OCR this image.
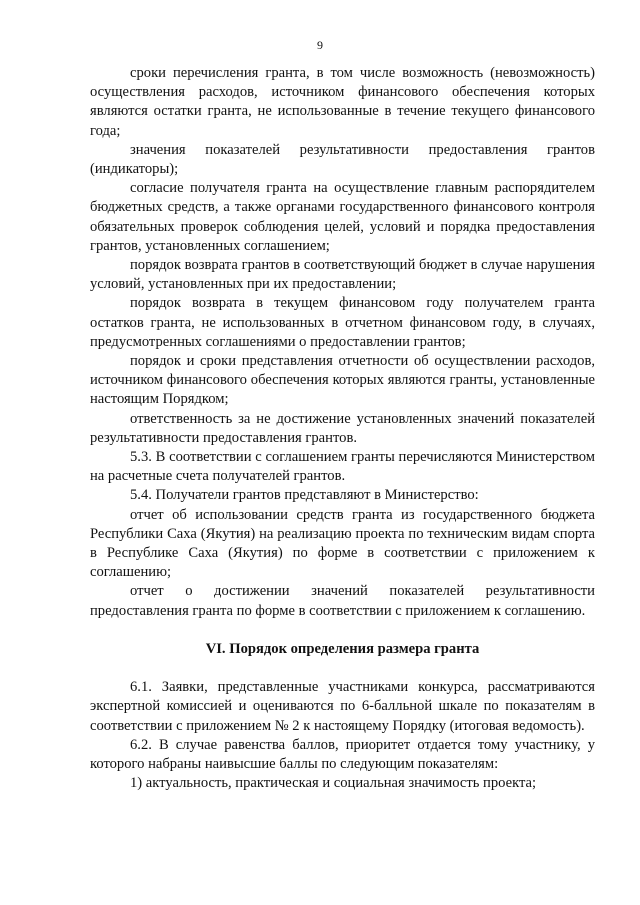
9

сроки перечисления гранта, в том числе возможность (невозможность) осуществления расходов, источником финансового обеспечения которых являются остатки гранта, не использованные в течение текущего финансового года;

значения показателей результативности предоставления грантов (индикаторы);

согласие получателя гранта на осуществление главным распорядителем бюджетных средств, а также органами государственного финансового контроля обязательных проверок соблюдения целей, условий и порядка предоставления грантов, установленных соглашением;

порядок возврата грантов в соответствующий бюджет в случае нарушения условий, установленных при их предоставлении;

порядок возврата в текущем финансовом году получателем гранта остатков гранта, не использованных в отчетном финансовом году, в случаях, предусмотренных соглашениями о предоставлении грантов;

порядок и сроки представления отчетности об осуществлении расходов, источником финансового обеспечения которых являются гранты, установленные настоящим Порядком;

ответственность за не достижение установленных значений показателей результативности предоставления грантов.

5.3. В соответствии с соглашением гранты перечисляются Министерством на расчетные счета получателей грантов.

5.4. Получатели грантов представляют в Министерство:

отчет об использовании средств гранта из государственного бюджета Республики Саха (Якутия) на реализацию проекта по техническим видам спорта в Республике Саха (Якутия) по форме в соответствии с приложением к соглашению;

отчет о достижении значений показателей результативности предоставления гранта по форме в соответствии с приложением к соглашению.

VI. Порядок определения размера гранта

6.1. Заявки, представленные участниками конкурса, рассматриваются экспертной комиссией и оцениваются по 6-балльной шкале по показателям в соответствии с приложением № 2 к настоящему Порядку (итоговая ведомость).

6.2. В случае равенства баллов, приоритет отдается тому участнику, у которого набраны наивысшие баллы по следующим показателям:

1) актуальность, практическая и социальная значимость проекта;
